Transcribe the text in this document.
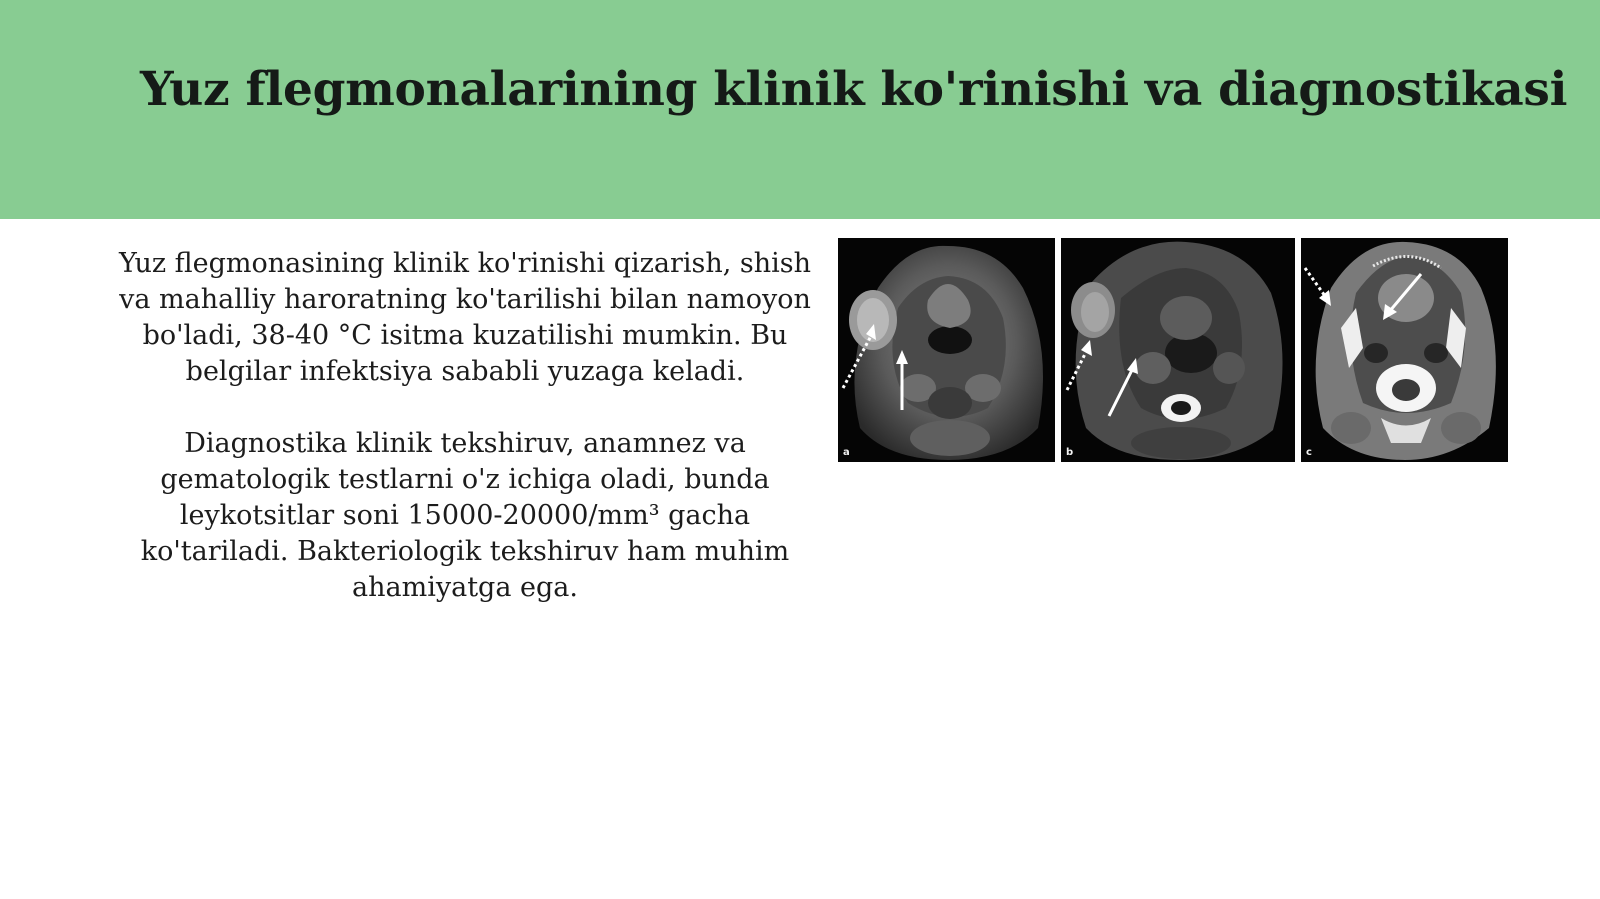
Yuz flegmonalarining klinik ko'rinishi va diagnostikasi

Yuz flegmonasining klinik ko'rinishi qizarish, shish va mahalliy haroratning ko'tarilishi bilan namoyon bo'ladi, 38-40 °C isitma kuzatilishi mumkin. Bu belgilar infektsiya sababli yuzaga keladi.

Diagnostika klinik tekshiruv, anamnez va gematologik testlarni o'z ichiga oladi, bunda leykotsitlar soni 15000-20000/mm³ gacha ko'tariladi. Bakteriologik tekshiruv ham muhim ahamiyatga ega.

a	b	c
